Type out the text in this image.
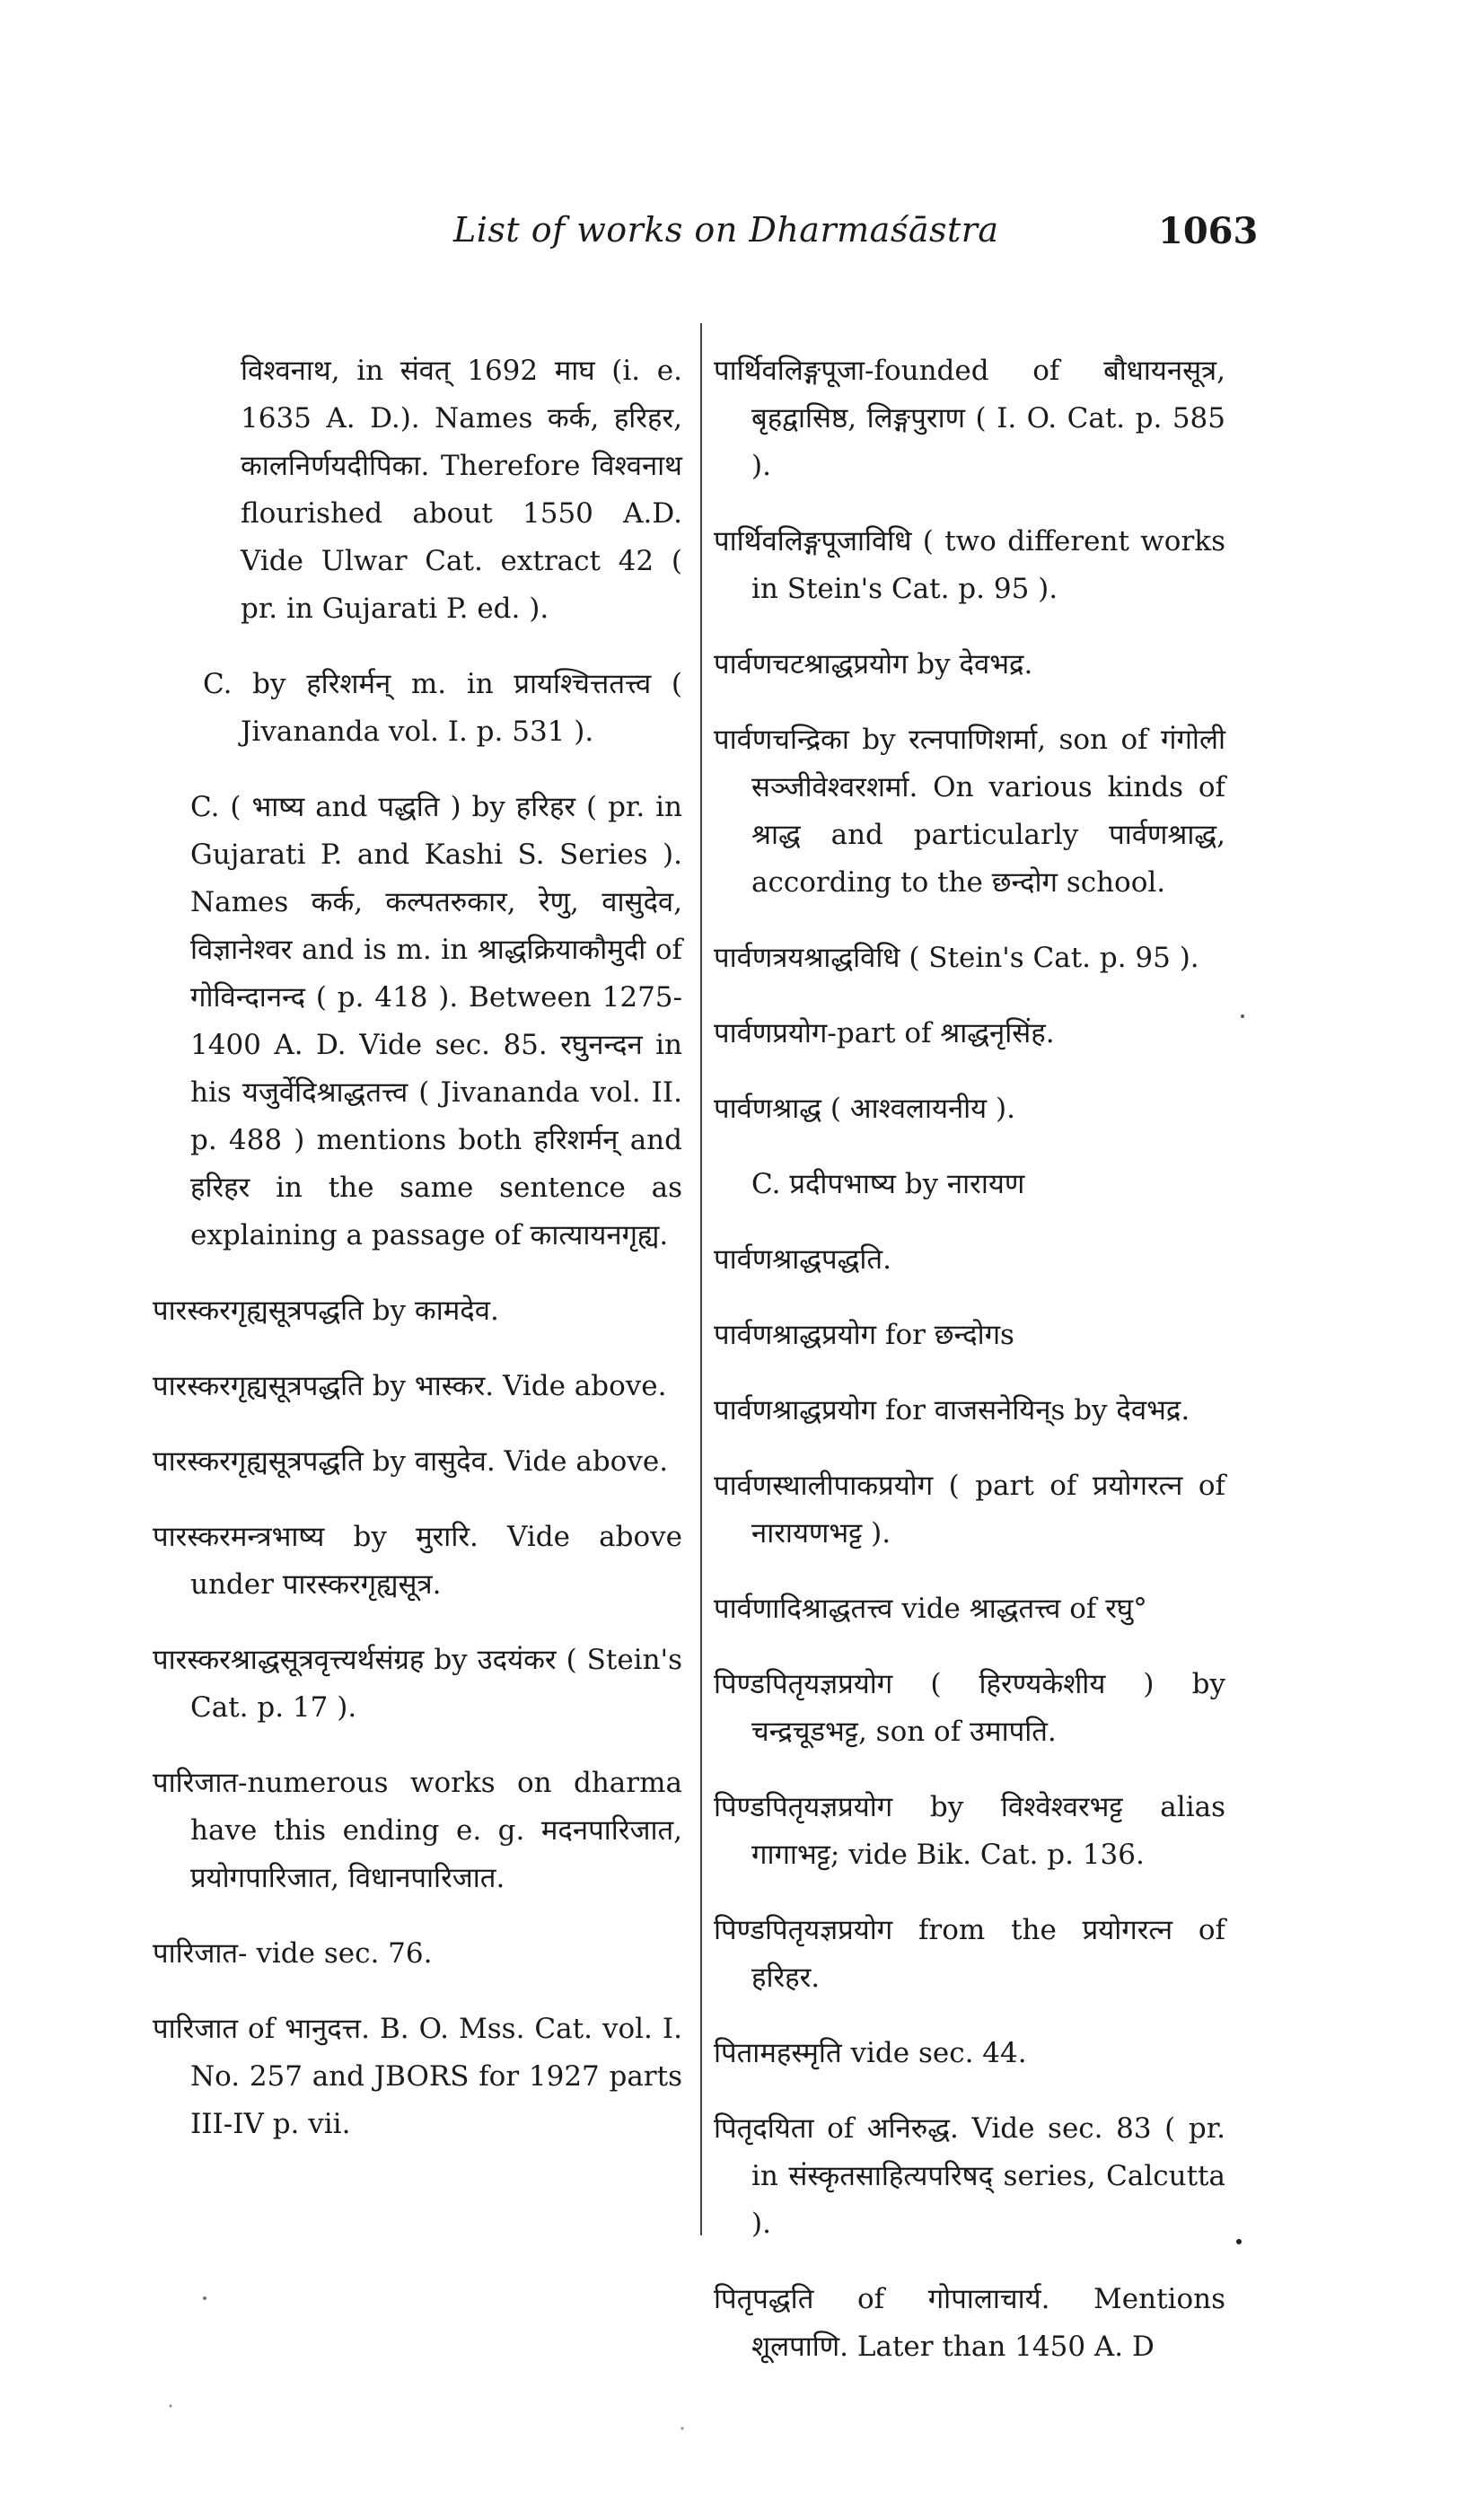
List of works on Dharmaśāstra	1063

विश्वनाथ, in संवत् 1692 माघ (i. e. 1635 A. D.). Names कर्क, हरिहर, कालनिर्णयदीपिका. Therefore विश्वनाथ flourished about 1550 A.D. Vide Ulwar Cat. extract 42 ( pr. in Gujarati P. ed. ).

C. by हरिशर्मन् m. in प्रायश्चित्ततत्त्व ( Jivananda vol. I. p. 531 ).

C. ( भाष्य and पद्धति ) by हरिहर ( pr. in Gujarati P. and Kashi S. Series ). Names कर्क, कल्पतरुकार, रेणु, वासुदेव, विज्ञानेश्वर and is m. in श्राद्धक्रियाकौमुदी of गोविन्दानन्द ( p. 418 ). Between 1275-1400 A. D. Vide sec. 85. रघुनन्दन in his यजुर्वेदिश्राद्धतत्त्व ( Jivananda vol. II. p. 488 ) mentions both हरिशर्मन् and हरिहर in the same sentence as explaining a passage of कात्यायनगृह्य.

पारस्करगृह्यसूत्रपद्धति by कामदेव.

पारस्करगृह्यसूत्रपद्धति by भास्कर. Vide above.

पारस्करगृह्यसूत्रपद्धति by वासुदेव. Vide above.

पारस्करमन्त्रभाष्य by मुरारि. Vide above under पारस्करगृह्यसूत्र.

पारस्करश्राद्धसूत्रवृत्त्यर्थसंग्रह by उदयंकर ( Stein's Cat. p. 17 ).

पारिजात-numerous works on dharma have this ending e. g. मदनपारिजात, प्रयोगपारिजात, विधानपारिजात.

पारिजात- vide sec. 76.

पारिजात of भानुदत्त. B. O. Mss. Cat. vol. I. No. 257 and JBORS for 1927 parts III-IV p. vii.

पार्थिवलिङ्गपूजा-founded of बौधायनसूत्र, बृहद्वासिष्ठ, लिङ्गपुराण ( I. O. Cat. p. 585 ).

पार्थिवलिङ्गपूजाविधि ( two different works in Stein's Cat. p. 95 ).

पार्वणचटश्राद्धप्रयोग by देवभद्र.

पार्वणचन्द्रिका by रत्नपाणिशर्मा, son of गंगोली सञ्जीवेश्वरशर्मा. On various kinds of श्राद्ध and particularly पार्वणश्राद्ध, according to the छन्दोग school.

पार्वणत्रयश्राद्धविधि ( Stein's Cat. p. 95 ).

पार्वणप्रयोग-part of श्राद्धनृसिंह.

पार्वणश्राद्ध ( आश्वलायनीय ).

C. प्रदीपभाष्य by नारायण

पार्वणश्राद्धपद्धति.

पार्वणश्राद्धप्रयोग for छन्दोगs

पार्वणश्राद्धप्रयोग for वाजसनेयिन्s by देवभद्र.

पार्वणस्थालीपाकप्रयोग ( part of प्रयोगरत्न of नारायणभट्ट ).

पार्वणादिश्राद्धतत्त्व vide श्राद्धतत्त्व of रघु°

पिण्डपितृयज्ञप्रयोग ( हिरण्यकेशीय ) by चन्द्रचूडभट्ट, son of उमापति.

पिण्डपितृयज्ञप्रयोग by विश्वेश्वरभट्ट alias गागाभट्ट; vide Bik. Cat. p. 136.

पिण्डपितृयज्ञप्रयोग from the प्रयोगरत्न of हरिहर.

पितामहस्मृति vide sec. 44.

पितृदयिता of अनिरुद्ध. Vide sec. 83 ( pr. in संस्कृतसाहित्यपरिषद् series, Calcutta ).

पितृपद्धति of गोपालाचार्य. Mentions शूलपाणि. Later than 1450 A. D
